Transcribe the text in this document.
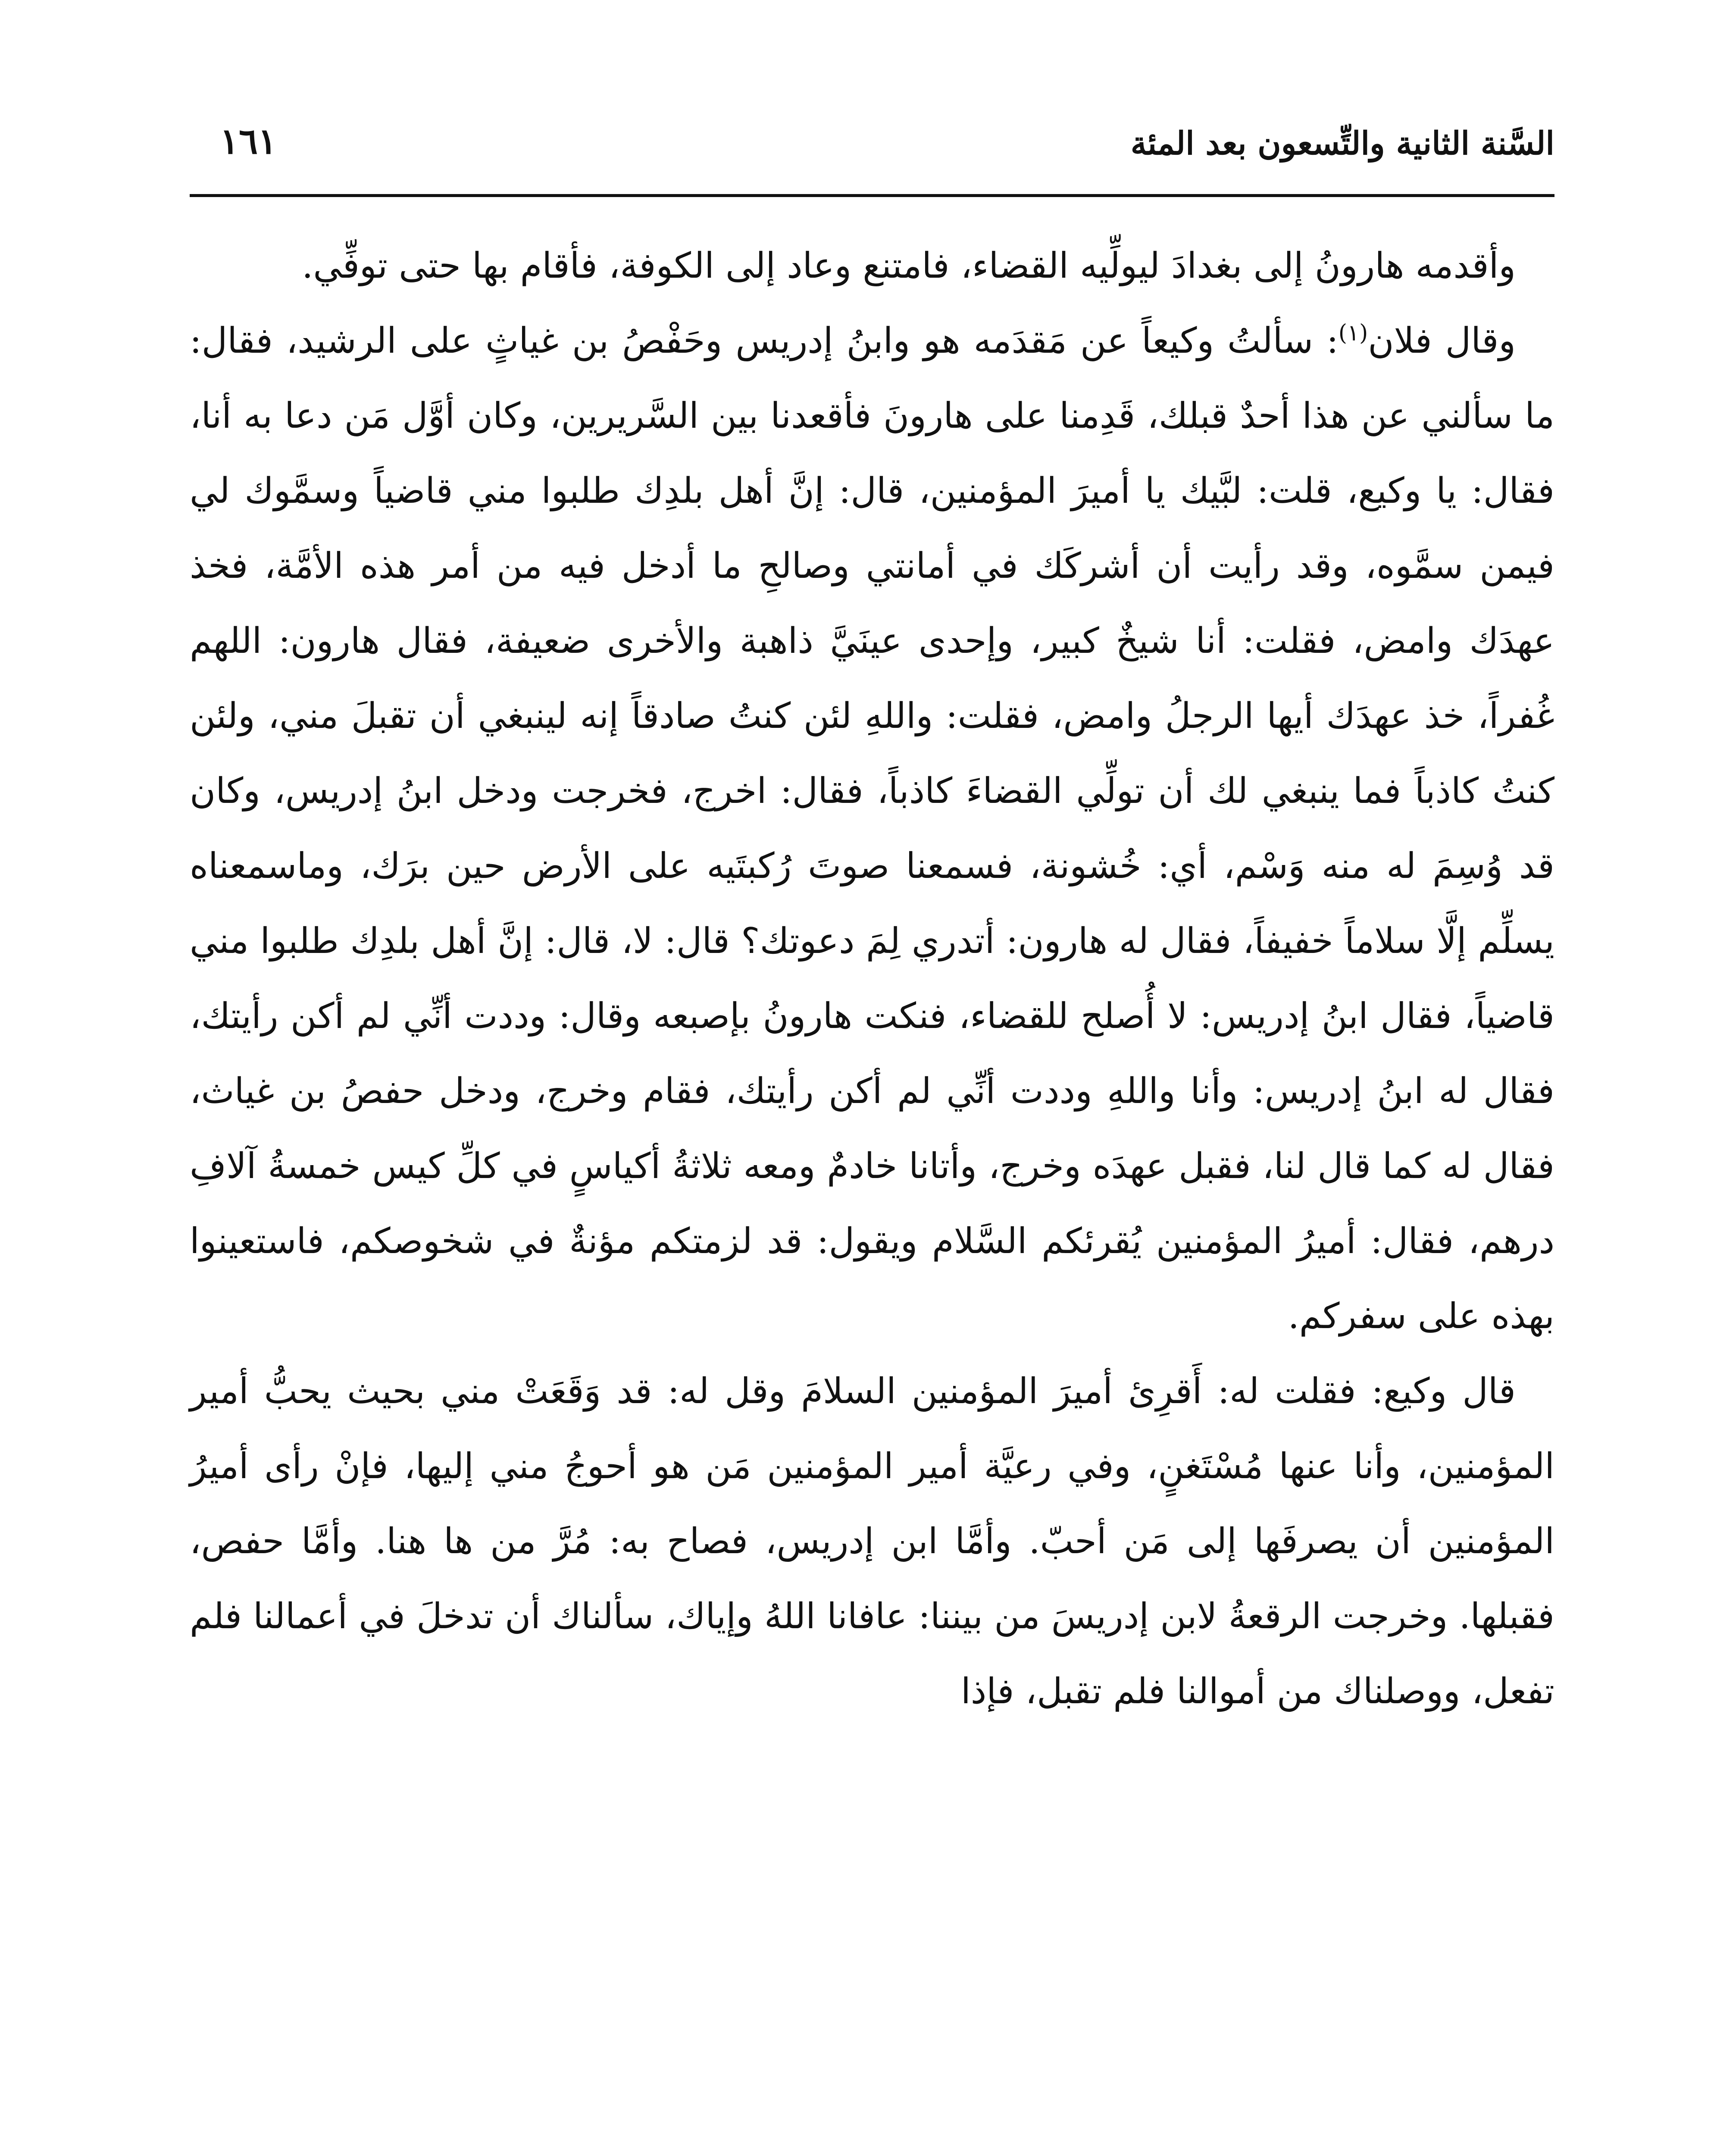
السَّنة الثانية والتِّسعون بعد المئة
١٦١

وأقدمه هارونُ إلى بغدادَ ليولِّيه القضاء، فامتنع وعاد إلى الكوفة، فأقام بها حتى توفِّي.

وقال فلان$^{(١)}$: سألتُ وكيعاً عن مَقدَمه هو وابنُ إدريس وحَفْصُ بن غياثٍ على الرشيد، فقال: ما سألني عن هذا أحدٌ قبلك، قَدِمنا على هارونَ فأقعدنا بين السَّريرين، وكان أوَّل مَن دعا به أنا، فقال: يا وكيع، قلت: لبَّيك يا أميرَ المؤمنين، قال: إنَّ أهل بلدِك طلبوا مني قاضياً وسمَّوك لي فيمن سمَّوه، وقد رأيت أن أشركَك في أمانتي وصالحِ ما أدخل فيه من أمر هذه الأمَّة، فخذ عهدَك وامض، فقلت: أنا شيخٌ كبير، وإحدى عينَيَّ ذاهبة والأخرى ضعيفة، فقال هارون: اللهم غُفراً، خذ عهدَك أيها الرجلُ وامض، فقلت: واللهِ لئن كنتُ صادقاً إنه لينبغي أن تقبلَ مني، ولئن كنتُ كاذباً فما ينبغي لك أن تولِّي القضاءَ كاذباً، فقال: اخرج، فخرجت ودخل ابنُ إدريس، وكان قد وُسِمَ له منه وَسْم، أي: خُشونة، فسمعنا صوتَ رُكبتَيه على الأرض حين برَك، وماسمعناه يسلِّم إلَّا سلاماً خفيفاً، فقال له هارون: أتدري لِمَ دعوتك؟ قال: لا، قال: إنَّ أهل بلدِك طلبوا مني قاضياً، فقال ابنُ إدريس: لا أُصلح للقضاء، فنكت هارونُ بإصبعه وقال: وددت أنِّي لم أكن رأيتك، فقال له ابنُ إدريس: وأنا واللهِ وددت أنِّي لم أكن رأيتك، فقام وخرج، ودخل حفصُ بن غياث، فقال له كما قال لنا، فقبل عهدَه وخرج، وأتانا خادمٌ ومعه ثلاثةُ أكياسٍ في كلِّ كيس خمسةُ آلافِ درهم، فقال: أميرُ المؤمنين يُقرئكم السَّلام ويقول: قد لزمتكم مؤنةٌ في شخوصكم، فاستعينوا بهذه على سفركم.

قال وكيع: فقلت له: أَقرِئ أميرَ المؤمنين السلامَ وقل له: قد وَقَعَتْ مني بحيث يحبُّ أمير المؤمنين، وأنا عنها مُسْتَغنٍ، وفي رعيَّة أمير المؤمنين مَن هو أحوجُ مني إليها، فإنْ رأى أميرُ المؤمنين أن يصرفَها إلى مَن أحبّ. وأمَّا ابن إدريس، فصاح به: مُرَّ من ها هنا. وأمَّا حفص، فقبلها. وخرجت الرقعةُ لابن إدريسَ من بيننا: عافانا اللهُ وإياك، سألناك أن تدخلَ في أعمالنا فلم تفعل، ووصلناك من أموالنا فلم تقبل، فإذا
